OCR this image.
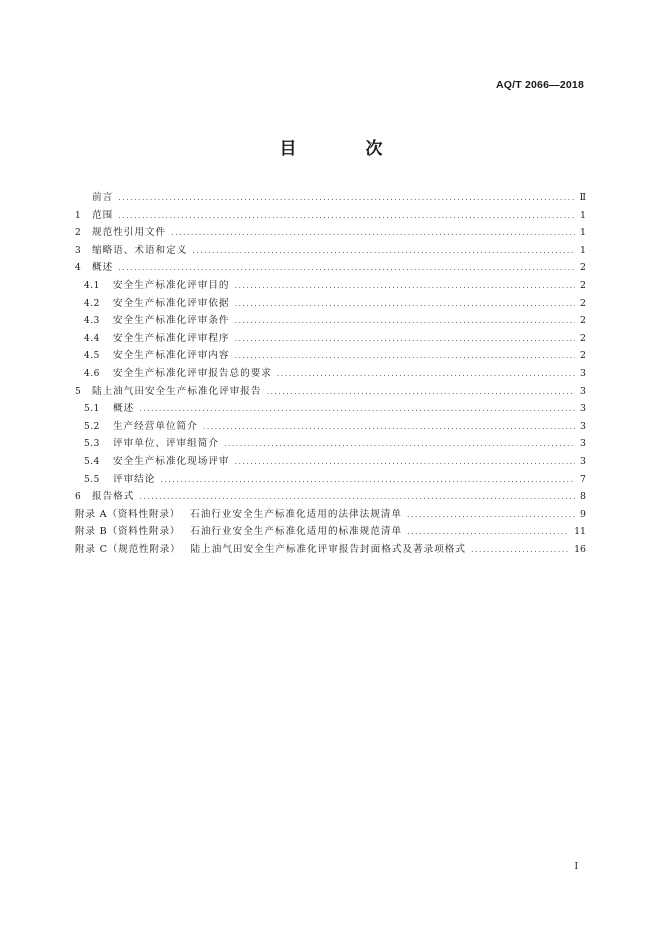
AQ/T 2066—2018
目　次
前言 .....	Ⅱ
1	范围 .....	1
2	规范性引用文件 .....	1
3	缩略语、术语和定义 .....	1
4	概述 .....	2
4.1	安全生产标准化评审目的 .....	2
4.2	安全生产标准化评审依据 .....	2
4.3	安全生产标准化评审条件 .....	2
4.4	安全生产标准化评审程序 .....	2
4.5	安全生产标准化评审内容 .....	2
4.6	安全生产标准化评审报告总的要求 .....	3
5	陆上油气田安全生产标准化评审报告 .....	3
5.1	概述 .....	3
5.2	生产经营单位简介 .....	3
5.3	评审单位、评审组简介 .....	3
5.4	安全生产标准化现场评审 .....	3
5.5	评审结论 .....	7
6	报告格式 .....	8
附录 A（资料性附录） 石油行业安全生产标准化适用的法律法规清单 .....	9
附录 B（资料性附录） 石油行业安全生产标准化适用的标准规范清单 .....	11
附录 C（规范性附录） 陆上油气田安全生产标准化评审报告封面格式及著录项格式 .....	16
I
